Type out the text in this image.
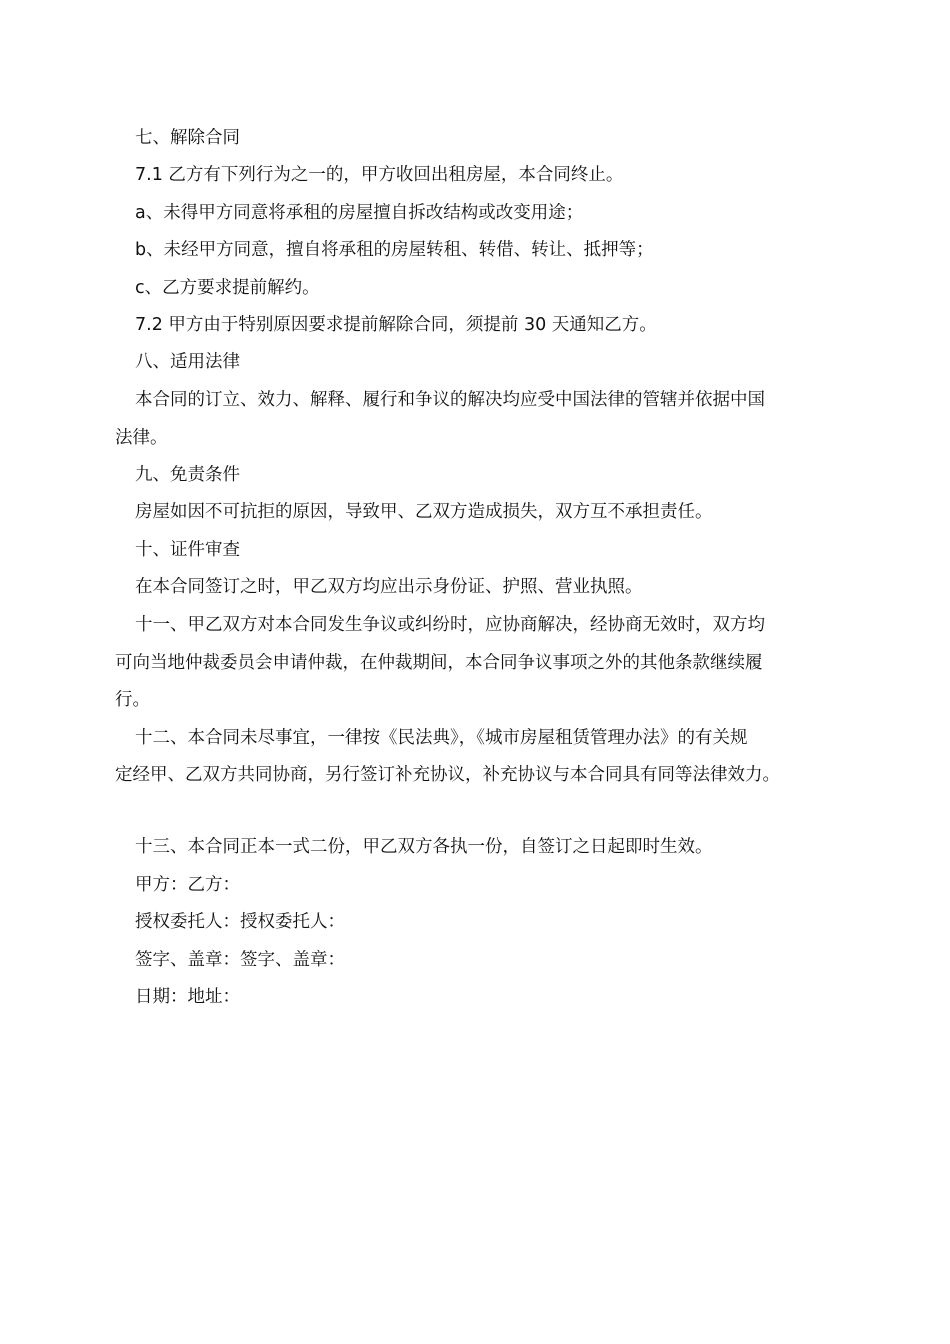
七、解除合同
7.1 乙方有下列行为之一的，甲方收回出租房屋，本合同终止。
a、未得甲方同意将承租的房屋擅自拆改结构或改变用途；
b、未经甲方同意，擅自将承租的房屋转租、转借、转让、抵押等；
c、乙方要求提前解约。
7.2 甲方由于特别原因要求提前解除合同，须提前 30 天通知乙方。
八、适用法律
本合同的订立、效力、解释、履行和争议的解决均应受中国法律的管辖并依据中国
法律。
九、免责条件
房屋如因不可抗拒的原因，导致甲、乙双方造成损失，双方互不承担责任。
十、证件审查
在本合同签订之时，甲乙双方均应出示身份证、护照、营业执照。
十一、甲乙双方对本合同发生争议或纠纷时，应协商解决，经协商无效时，双方均
可向当地仲裁委员会申请仲裁，在仲裁期间，本合同争议事项之外的其他条款继续履
行。
十二、本合同未尽事宜，一律按《民法典》，《城市房屋租赁管理办法》的有关规
定经甲、乙双方共同协商，另行签订补充协议，补充协议与本合同具有同等法律效力。
十三、本合同正本一式二份，甲乙双方各执一份，自签订之日起即时生效。
甲方：乙方：
授权委托人：授权委托人：
签字、盖章：签字、盖章：
日期：地址：
